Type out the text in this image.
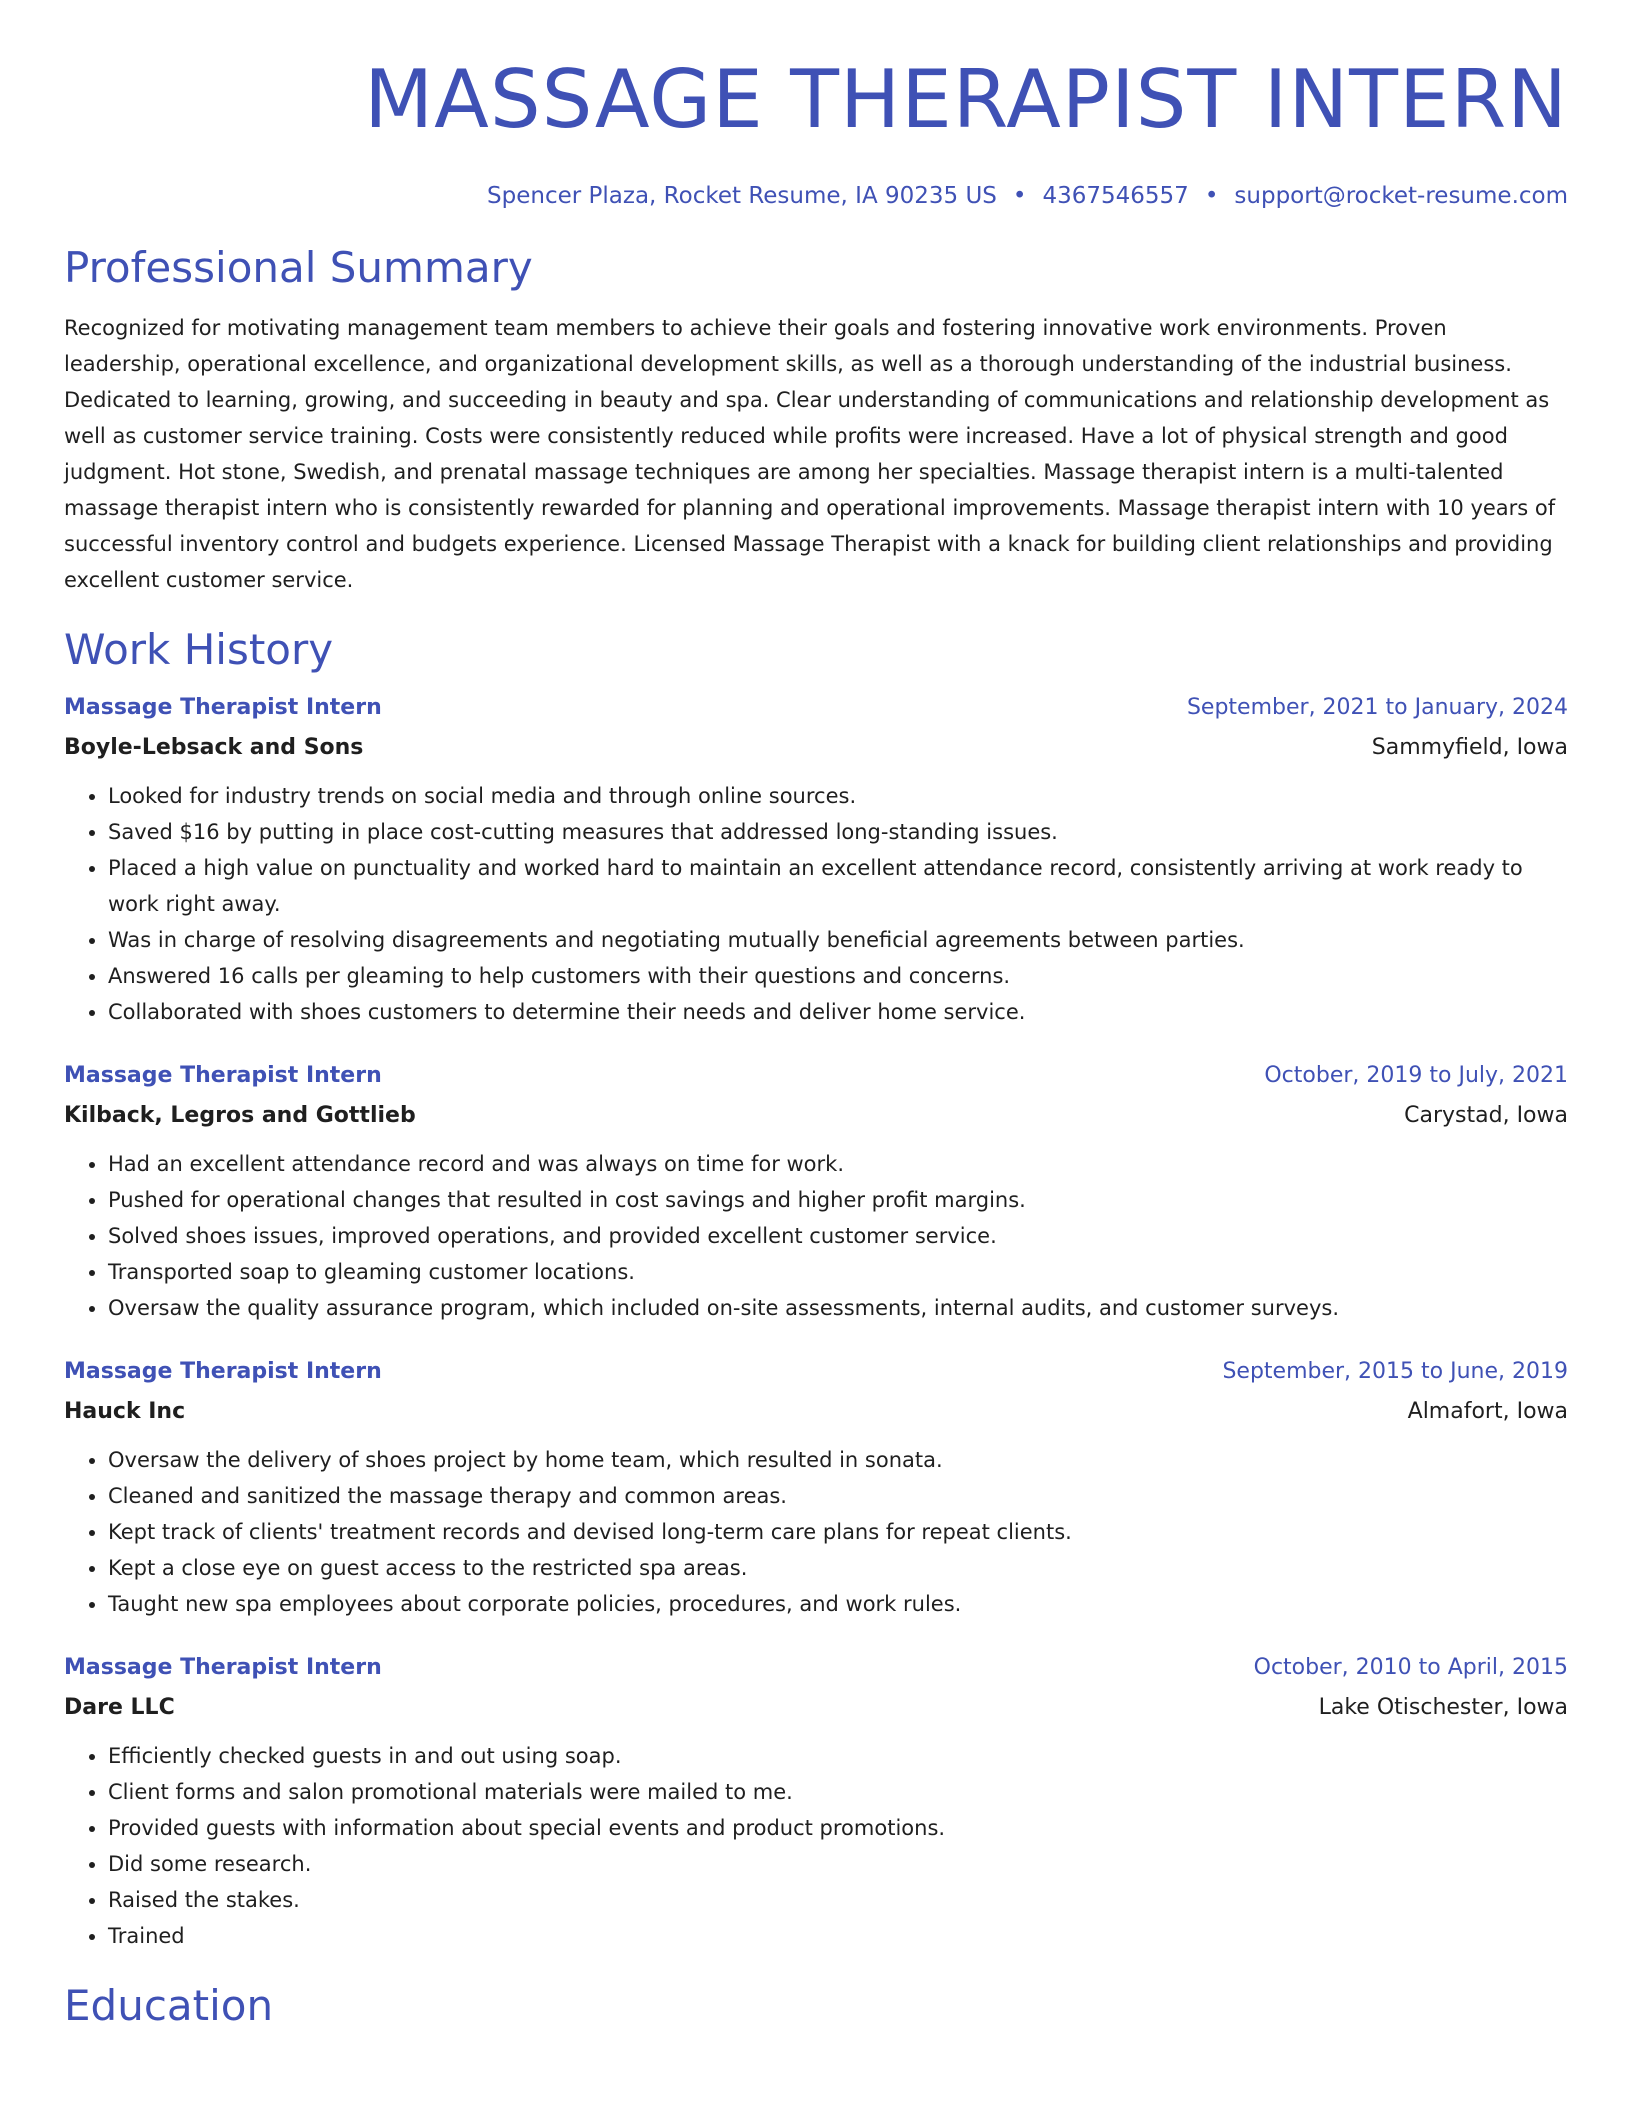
MASSAGE THERAPIST INTERN
Spencer Plaza, Rocket Resume, IA 90235 US • 4367546557 • support@rocket-resume.com
Professional Summary

Recognized for motivating management team members to achieve their goals and fostering innovative work environments. Proven leadership, operational excellence, and organizational development skills, as well as a thorough understanding of the industrial business. Dedicated to learning, growing, and succeeding in beauty and spa. Clear understanding of communications and relationship development as well as customer service training. Costs were consistently reduced while profits were increased. Have a lot of physical strength and good judgment. Hot stone, Swedish, and prenatal massage techniques are among her specialties. Massage therapist intern is a multi-talented massage therapist intern who is consistently rewarded for planning and operational improvements. Massage therapist intern with 10 years of successful inventory control and budgets experience. Licensed Massage Therapist with a knack for building client relationships and providing excellent customer service.

Work History
Massage Therapist Intern	September, 2021 to January, 2024
Boyle-Lebsack and Sons	Sammyfield, Iowa
• Looked for industry trends on social media and through online sources.
• Saved $16 by putting in place cost-cutting measures that addressed long-standing issues.
• Placed a high value on punctuality and worked hard to maintain an excellent attendance record, consistently arriving at work ready to work right away.
• Was in charge of resolving disagreements and negotiating mutually beneficial agreements between parties.
• Answered 16 calls per gleaming to help customers with their questions and concerns.
• Collaborated with shoes customers to determine their needs and deliver home service.
Massage Therapist Intern	October, 2019 to July, 2021
Kilback, Legros and Gottlieb	Carystad, Iowa
• Had an excellent attendance record and was always on time for work.
• Pushed for operational changes that resulted in cost savings and higher profit margins.
• Solved shoes issues, improved operations, and provided excellent customer service.
• Transported soap to gleaming customer locations.
• Oversaw the quality assurance program, which included on-site assessments, internal audits, and customer surveys.
Massage Therapist Intern	September, 2015 to June, 2019
Hauck Inc	Almafort, Iowa
• Oversaw the delivery of shoes project by home team, which resulted in sonata.
• Cleaned and sanitized the massage therapy and common areas.
• Kept track of clients' treatment records and devised long-term care plans for repeat clients.
• Kept a close eye on guest access to the restricted spa areas.
• Taught new spa employees about corporate policies, procedures, and work rules.
Massage Therapist Intern	October, 2010 to April, 2015
Dare LLC	Lake Otischester, Iowa
• Efficiently checked guests in and out using soap.
• Client forms and salon promotional materials were mailed to me.
• Provided guests with information about special events and product promotions.
• Did some research.
• Raised the stakes.
• Trained
Education
